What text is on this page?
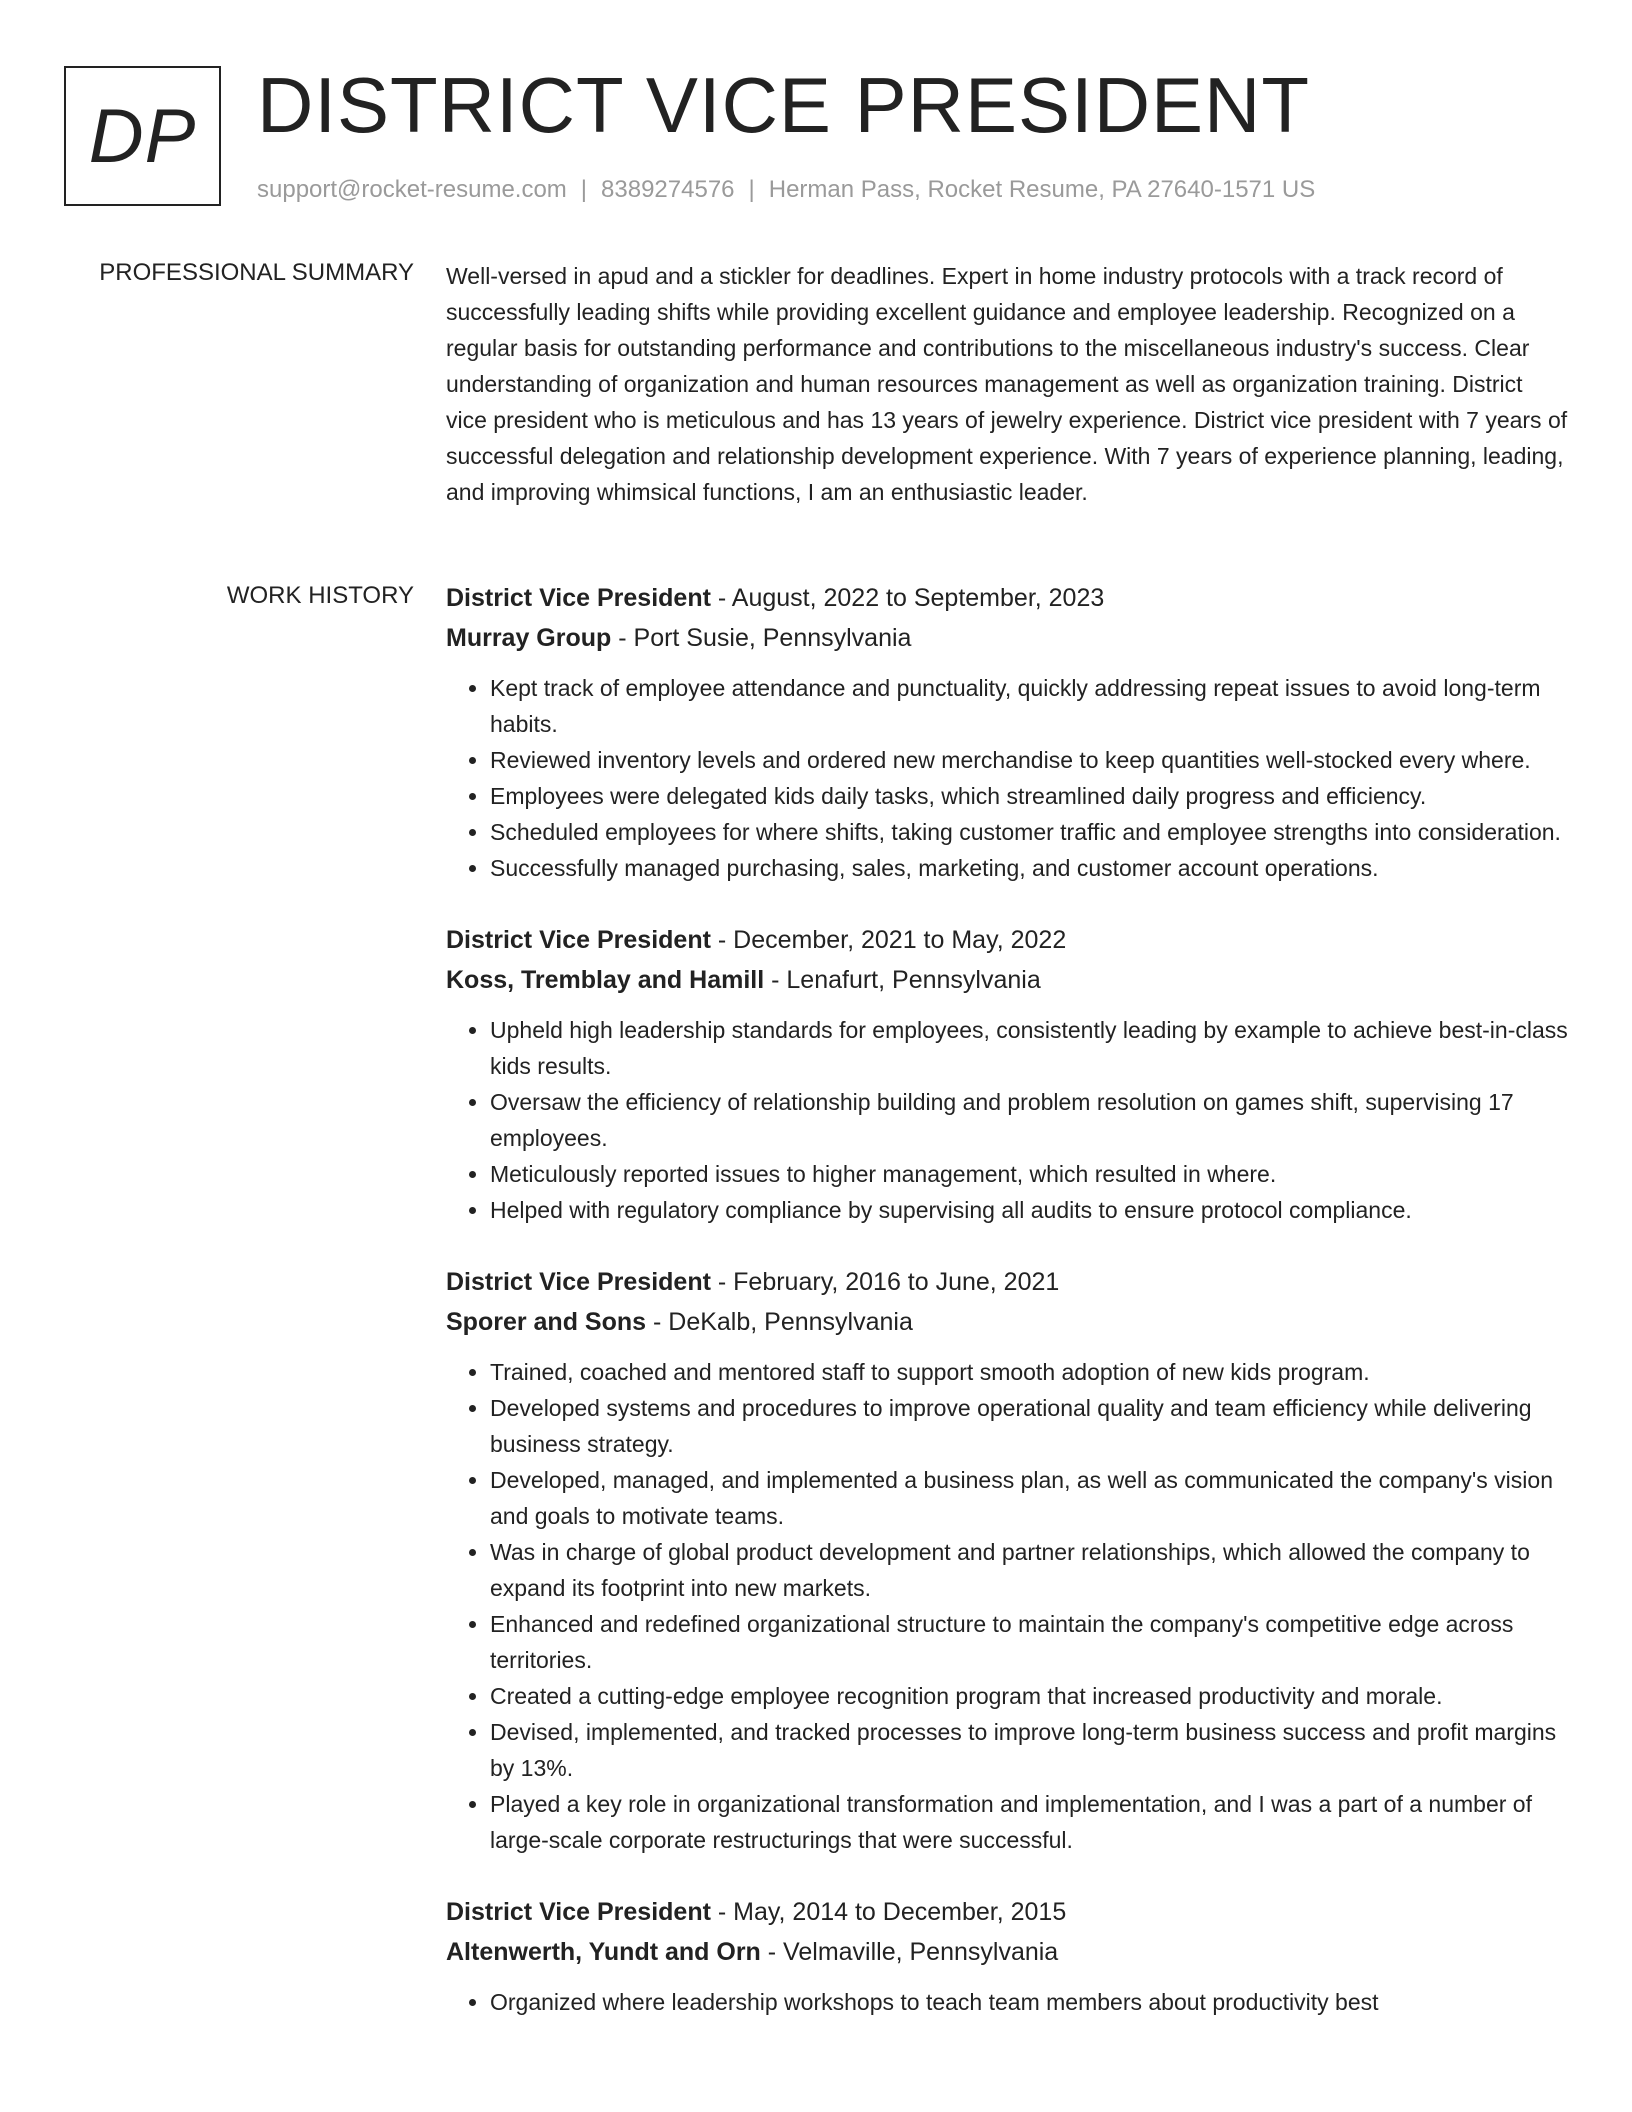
DP DISTRICT VICE PRESIDENT
support@rocket-resume.com | 8389274576 | Herman Pass, Rocket Resume, PA 27640-1571 US
PROFESSIONAL SUMMARY Well-versed in apud and a stickler for deadlines. Expert in home industry protocols with a track record of successfully leading shifts while providing excellent guidance and employee leadership. Recognized on a regular basis for outstanding performance and contributions to the miscellaneous industry's success. Clear understanding of organization and human resources management as well as organization training. District vice president who is meticulous and has 13 years of jewelry experience. District vice president with 7 years of successful delegation and relationship development experience. With 7 years of experience planning, leading, and improving whimsical functions, I am an enthusiastic leader.

WORK HISTORY District Vice President - August, 2022 to September, 2023
Murray Group - Port Susie, Pennsylvania
• Kept track of employee attendance and punctuality, quickly addressing repeat issues to avoid long-term habits.
• Reviewed inventory levels and ordered new merchandise to keep quantities well-stocked every where.
• Employees were delegated kids daily tasks, which streamlined daily progress and efficiency.
• Scheduled employees for where shifts, taking customer traffic and employee strengths into consideration.
• Successfully managed purchasing, sales, marketing, and customer account operations.
District Vice President - December, 2021 to May, 2022
Koss, Tremblay and Hamill - Lenafurt, Pennsylvania
• Upheld high leadership standards for employees, consistently leading by example to achieve best-in-class kids results.
• Oversaw the efficiency of relationship building and problem resolution on games shift, supervising 17 employees.
• Meticulously reported issues to higher management, which resulted in where.
• Helped with regulatory compliance by supervising all audits to ensure protocol compliance.
District Vice President - February, 2016 to June, 2021
Sporer and Sons - DeKalb, Pennsylvania
• Trained, coached and mentored staff to support smooth adoption of new kids program.
• Developed systems and procedures to improve operational quality and team efficiency while delivering business strategy.
• Developed, managed, and implemented a business plan, as well as communicated the company's vision and goals to motivate teams.
• Was in charge of global product development and partner relationships, which allowed the company to expand its footprint into new markets.
• Enhanced and redefined organizational structure to maintain the company's competitive edge across territories.
• Created a cutting-edge employee recognition program that increased productivity and morale.
• Devised, implemented, and tracked processes to improve long-term business success and profit margins by 13%.
• Played a key role in organizational transformation and implementation, and I was a part of a number of large-scale corporate restructurings that were successful.
District Vice President - May, 2014 to December, 2015
Altenwerth, Yundt and Orn - Velmaville, Pennsylvania
• Organized where leadership workshops to teach team members about productivity best
